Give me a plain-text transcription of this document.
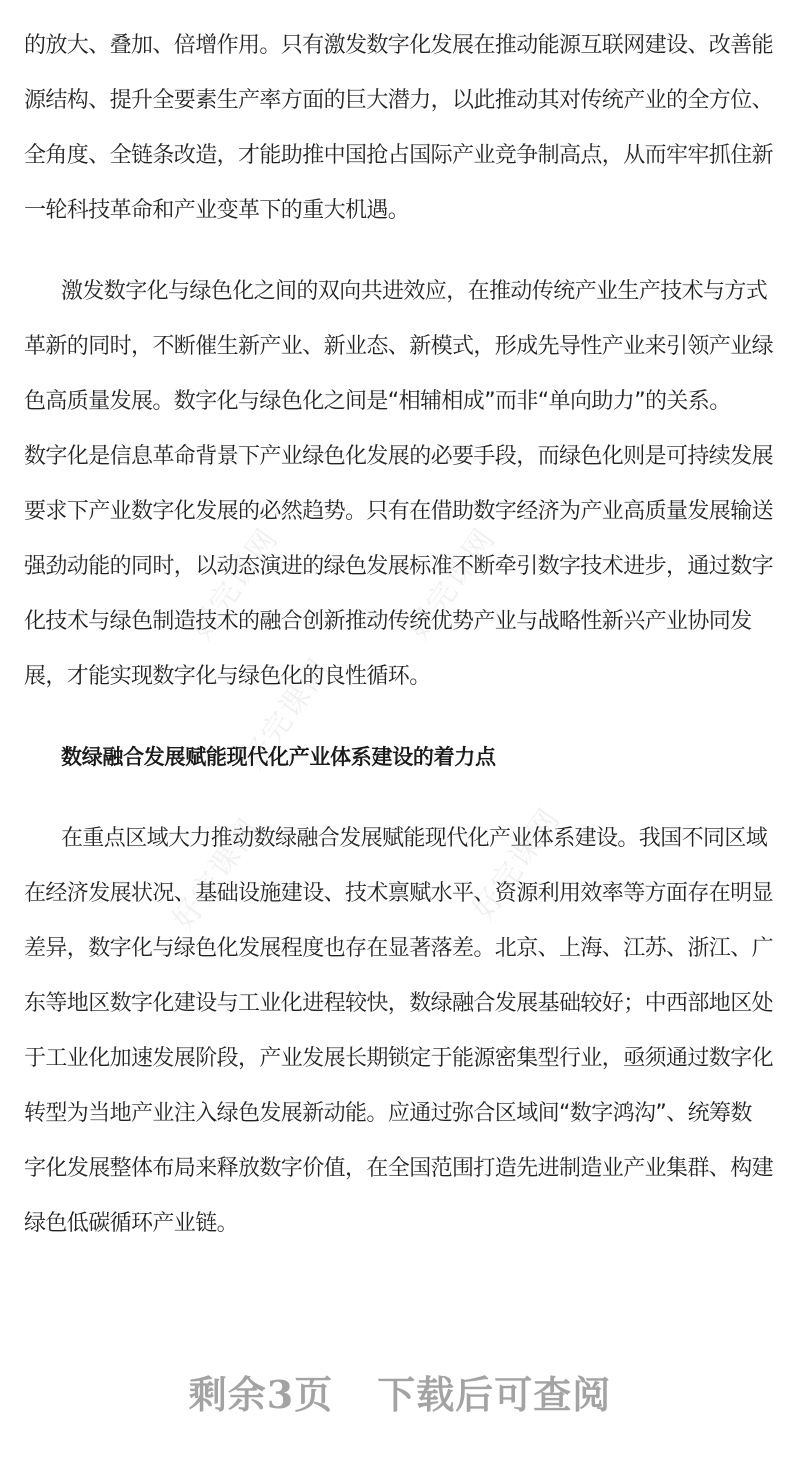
好完课网	好完课网
好完课网
好完课网	好完课网
的放大、叠加、倍增作用。只有激发数字化发展在推动能源互联网建设、改善能
源结构、提升全要素生产率方面的巨大潜力，以此推动其对传统产业的全方位、
全角度、全链条改造，才能助推中国抢占国际产业竞争制高点，从而牢牢抓住新
一轮科技革命和产业变革下的重大机遇。
激发数字化与绿色化之间的双向共进效应，在推动传统产业生产技术与方式
革新的同时，不断催生新产业、新业态、新模式，形成先导性产业来引领产业绿
色高质量发展。数字化与绿色化之间是“相辅相成”而非“单向助力”的关系。
数字化是信息革命背景下产业绿色化发展的必要手段，而绿色化则是可持续发展
要求下产业数字化发展的必然趋势。只有在借助数字经济为产业高质量发展输送
强劲动能的同时，以动态演进的绿色发展标准不断牵引数字技术进步，通过数字
化技术与绿色制造技术的融合创新推动传统优势产业与战略性新兴产业协同发
展，才能实现数字化与绿色化的良性循环。
数绿融合发展赋能现代化产业体系建设的着力点
在重点区域大力推动数绿融合发展赋能现代化产业体系建设。我国不同区域
在经济发展状况、基础设施建设、技术禀赋水平、资源利用效率等方面存在明显
差异，数字化与绿色化发展程度也存在显著落差。北京、上海、江苏、浙江、广
东等地区数字化建设与工业化进程较快，数绿融合发展基础较好；中西部地区处
于工业化加速发展阶段，产业发展长期锁定于能源密集型行业，亟须通过数字化
转型为当地产业注入绿色发展新动能。应通过弥合区域间“数字鸿沟”、统筹数
字化发展整体布局来释放数字价值，在全国范围打造先进制造业产业集群、构建
绿色低碳循环产业链。
剩余3页 下载后可查阅
